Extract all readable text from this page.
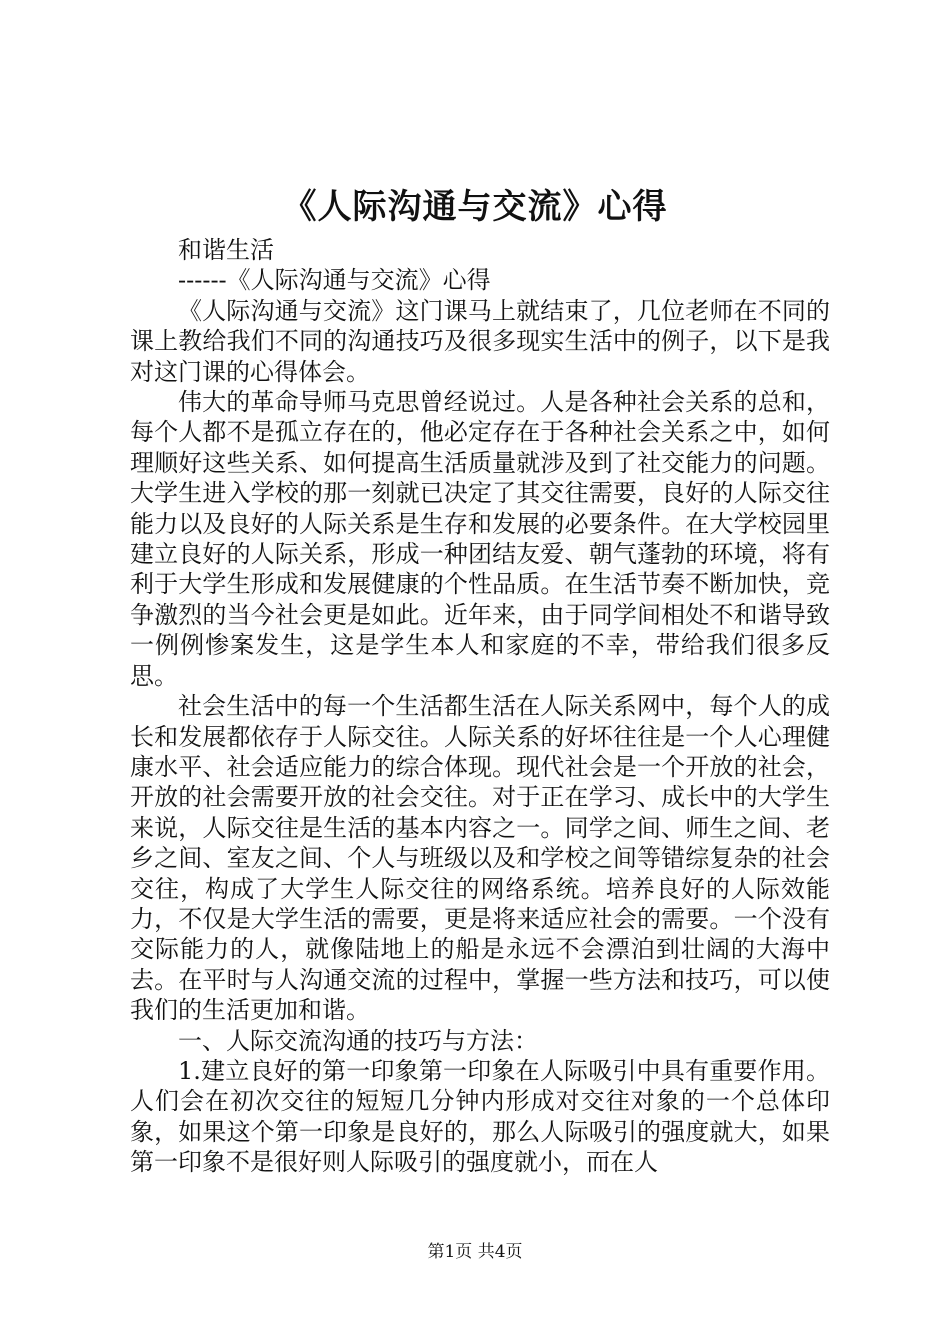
《人际沟通与交流》心得

和谐生活

------《人际沟通与交流》心得

《人际沟通与交流》这门课马上就结束了，几位老师在不同的课上教给我们不同的沟通技巧及很多现实生活中的例子，以下是我对这门课的心得体会。

伟大的革命导师马克思曾经说过。人是各种社会关系的总和，每个人都不是孤立存在的，他必定存在于各种社会关系之中，如何理顺好这些关系、如何提高生活质量就涉及到了社交能力的问题。大学生进入学校的那一刻就已决定了其交往需要，良好的人际交往能力以及良好的人际关系是生存和发展的必要条件。在大学校园里建立良好的人际关系，形成一种团结友爱、朝气蓬勃的环境，将有利于大学生形成和发展健康的个性品质。在生活节奏不断加快，竞争激烈的当今社会更是如此。近年来，由于同学间相处不和谐导致一例例惨案发生，这是学生本人和家庭的不幸，带给我们很多反思。

社会生活中的每一个生活都生活在人际关系网中，每个人的成长和发展都依存于人际交往。人际关系的好坏往往是一个人心理健康水平、社会适应能力的综合体现。现代社会是一个开放的社会，开放的社会需要开放的社会交往。对于正在学习、成长中的大学生来说，人际交往是生活的基本内容之一。同学之间、师生之间、老乡之间、室友之间、个人与班级以及和学校之间等错综复杂的社会交往，构成了大学生人际交往的网络系统。培养良好的人际效能力，不仅是大学生活的需要，更是将来适应社会的需要。一个没有交际能力的人，就像陆地上的船是永远不会漂泊到壮阔的大海中去。在平时与人沟通交流的过程中，掌握一些方法和技巧，可以使我们的生活更加和谐。

一、人际交流沟通的技巧与方法：

1.建立良好的第一印象第一印象在人际吸引中具有重要作用。人们会在初次交往的短短几分钟内形成对交往对象的一个总体印象，如果这个第一印象是良好的，那么人际吸引的强度就大，如果第一印象不是很好则人际吸引的强度就小，而在人

第1页 共4页
